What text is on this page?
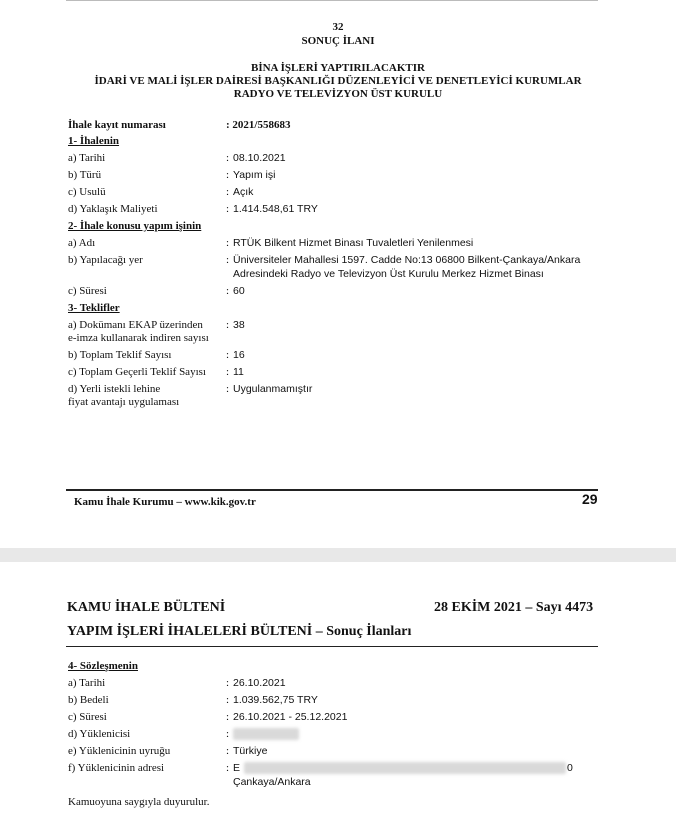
32
SONUÇ İLANI
BİNA İŞLERİ YAPTIRILACAKTIR
İDARİ VE MALİ İŞLER DAİRESİ BAŞKANLIĞI DÜZENLEYİCİ VE DENETLEYİCİ KURUMLAR
RADYO VE TELEVİZYON ÜST KURULU
İhale kayıt numarası	: 2021/558683
1- İhalenin
a) Tarihi	: 08.10.2021
b) Türü	: Yapım işi
c) Usulü	: Açık
d) Yaklaşık Maliyeti	: 1.414.548,61 TRY
2- İhale konusu yapım işinin
a) Adı	: RTÜK Bilkent Hizmet Binası Tuvaletleri Yenilenmesi
b) Yapılacağı yer	: Üniversiteler Mahallesi 1597. Cadde No:13 06800 Bilkent-Çankaya/Ankara
Adresindeki Radyo ve Televizyon Üst Kurulu Merkez Hizmet Binası
c) Süresi	: 60
3- Teklifler
a) Dokümanı EKAP üzerinden
e-imza kullanarak indiren sayısı
: 38
b) Toplam Teklif Sayısı	: 16
c) Toplam Geçerli Teklif Sayısı : 11
d) Yerli istekli lehine
fiyat avantajı uygulaması
: Uygulanmamıştır
Kamu İhale Kurumu – www.kik.gov.tr	29
KAMU İHALE BÜLTENİ	28 EKİM 2021 – Sayı 4473
YAPIM İŞLERİ İHALELERİ BÜLTENİ – Sonuç İlanları
4- Sözleşmenin
a) Tarihi	: 26.10.2021
b) Bedeli	: 1.039.562,75 TRY
c) Süresi	: 26.10.2021 - 25.12.2021
d) Yüklenicisi	:
e) Yüklenicinin uyruğu	: Türkiye
f) Yüklenicinin adresi	: E	0
Çankaya/Ankara
Kamuoyuna saygıyla duyurulur.
